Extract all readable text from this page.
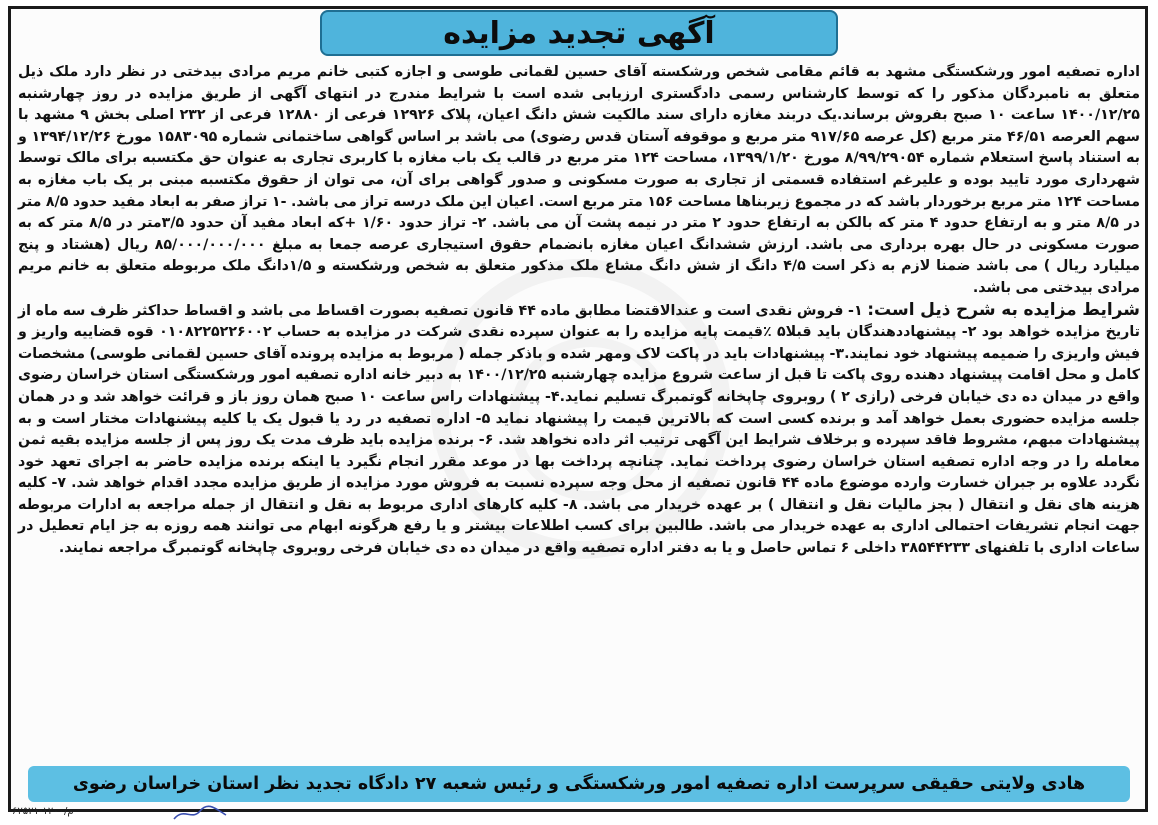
آگهی تجدید مزایده

اداره تصفیه امور ورشکستگی مشهد به قائم مقامی شخص ورشکسته آقای حسین لقمانی طوسی و اجازه کتبی خانم مریم مرادی بیدختی در نظر دارد ملک ذیل متعلق به نامبردگان مذکور را که توسط کارشناس رسمی دادگستری ارزیابی شده است با شرایط مندرج در انتهای آگهی از طریق مزایده در روز چهارشنبه ۱۴۰۰/۱۲/۲۵ ساعت ۱۰ صبح بفروش برساند.یک دربند مغازه دارای سند مالکیت شش دانگ اعیان، پلاک ۱۲۹۲۶ فرعی از ۱۲۸۸۰ فرعی از ۲۳۲ اصلی بخش ۹ مشهد با سهم العرصه ۴۶/۵۱ متر مربع (کل عرصه ۹۱۷/۶۵ متر مربع و موقوفه آستان قدس رضوی) می باشد بر اساس گواهی ساختمانی شماره ۱۵۸۳۰۹۵ مورخ ۱۳۹۴/۱۲/۲۶ و به استناد پاسخ استعلام شماره ۸/۹۹/۲۹۰۵۴ مورخ ۱۳۹۹/۱/۲۰، مساحت ۱۲۴ متر مربع در قالب یک باب مغازه با کاربری تجاری به عنوان حق مکتسبه برای مالک توسط شهرداری مورد تایید بوده و علیرغم استفاده قسمتی از تجاری به صورت مسکونی و صدور گواهی برای آن، می توان از حقوق مکتسبه مبنی بر یک باب مغازه به مساحت ۱۲۴ متر مربع برخوردار باشد که در مجموع زیربناها مساحت ۱۵۶ متر مربع است. اعیان این ملک درسه تراز می باشد. -۱ تراز صفر به ابعاد مفید حدود ۸/۵ متر در ۸/۵ متر و به ارتفاع حدود ۴ متر که بالکن به ارتفاع حدود ۲ متر در نیمه پشت آن می باشد. ۲- تراز حدود ۱/۶۰ +که ابعاد مفید آن حدود ۳/۵متر در ۸/۵ متر که به صورت مسکونی در حال بهره برداری می باشد. ارزش ششدانگ اعیان مغازه بانضمام حقوق استیجاری عرصه جمعا به مبلغ ۸۵/۰۰۰/۰۰۰/۰۰۰ ریال (هشتاد و پنج میلیارد ریال ) می باشد ضمنا لازم به ذکر است ۴/۵ دانگ از شش دانگ مشاع ملک مذکور متعلق به شخص ورشکسته و ۱/۵دانگ ملک مربوطه متعلق به خانم مریم مرادی بیدختی می باشد.

شرایط مزایده به شرح ذیل است: ۱- فروش نقدی است و عندالاقتضا مطابق ماده ۴۴ قانون تصفیه بصورت اقساط می باشد و اقساط حداکثر ظرف سه ماه از تاریخ مزایده خواهد بود ۲- پیشنهاددهندگان باید قبلا۵ ٪قیمت پایه مزایده را به عنوان سپرده نقدی شرکت در مزایده به حساب ۰۱۰۸۲۲۵۲۲۶۰۰۲ قوه قضاییه واریز و فیش واریزی را ضمیمه پیشنهاد خود نمایند.۳- پیشنهادات باید در پاکت لاک ومهر شده و باذکر جمله ( مربوط به مزایده پرونده آقای حسین لقمانی طوسی) مشخصات کامل و محل اقامت پیشنهاد دهنده روی پاکت تا قبل از ساعت شروع مزایده چهارشنبه ۱۴۰۰/۱۲/۲۵ به دبیر خانه اداره تصفیه امور ورشکستگی استان خراسان رضوی واقع در میدان ده دی خیابان فرخی (رازی ۲ ) روبروی چاپخانه گوتمبرگ تسلیم نماید.۴- پیشنهادات راس ساعت ۱۰ صبح همان روز باز و قرائت خواهد شد و در همان جلسه مزایده حضوری بعمل خواهد آمد و برنده کسی است که بالاترین قیمت را پیشنهاد نماید ۵- اداره تصفیه در رد یا قبول یک یا کلیه پیشنهادات مختار است و به پیشنهادات مبهم، مشروط فاقد سپرده و برخلاف شرایط این آگهی ترتیب اثر داده نخواهد شد. ۶- برنده مزایده باید ظرف مدت یک روز پس از جلسه مزایده بقیه ثمن معامله را در وجه اداره تصفیه استان خراسان رضوی پرداخت نماید. چنانچه پرداخت بها در موعد مقرر انجام نگیرد یا اینکه برنده مزایده حاضر به اجرای تعهد خود نگردد علاوه بر جبران خسارت وارده موضوع ماده ۴۴ قانون تصفیه از محل وجه سپرده نسبت به فروش مورد مزایده از طریق مزایده مجدد اقدام خواهد شد. ۷- کلیه هزینه های نقل و انتقال ( بجز مالیات نقل و انتقال ) بر عهده خریدار می باشد. ۸- کلیه کارهای اداری مربوط به نقل و انتقال از جمله مراجعه به ادارات مربوطه جهت انجام تشریفات احتمالی اداری به عهده خریدار می باشد. طالبین برای کسب اطلاعات بیشتر و یا رفع هرگونه ابهام می توانند همه روزه به جز ایام تعطیل در ساعات اداری با تلفنهای ۳۸۵۴۴۲۳۳ داخلی ۶ تماس حاصل و یا به دفتر اداره تصفیه واقع در میدان ده دی خیابان فرخی روبروی چاپخانه گوتمبرگ مراجعه نمایند.

هادی ولایتی حقیقی سرپرست اداره تصفیه امور ورشکستگی و رئیس شعبه ۲۷ دادگاه تجدید نظر استان خراسان رضوی
م/۱۲۰۰-۶۲۵۲۱
